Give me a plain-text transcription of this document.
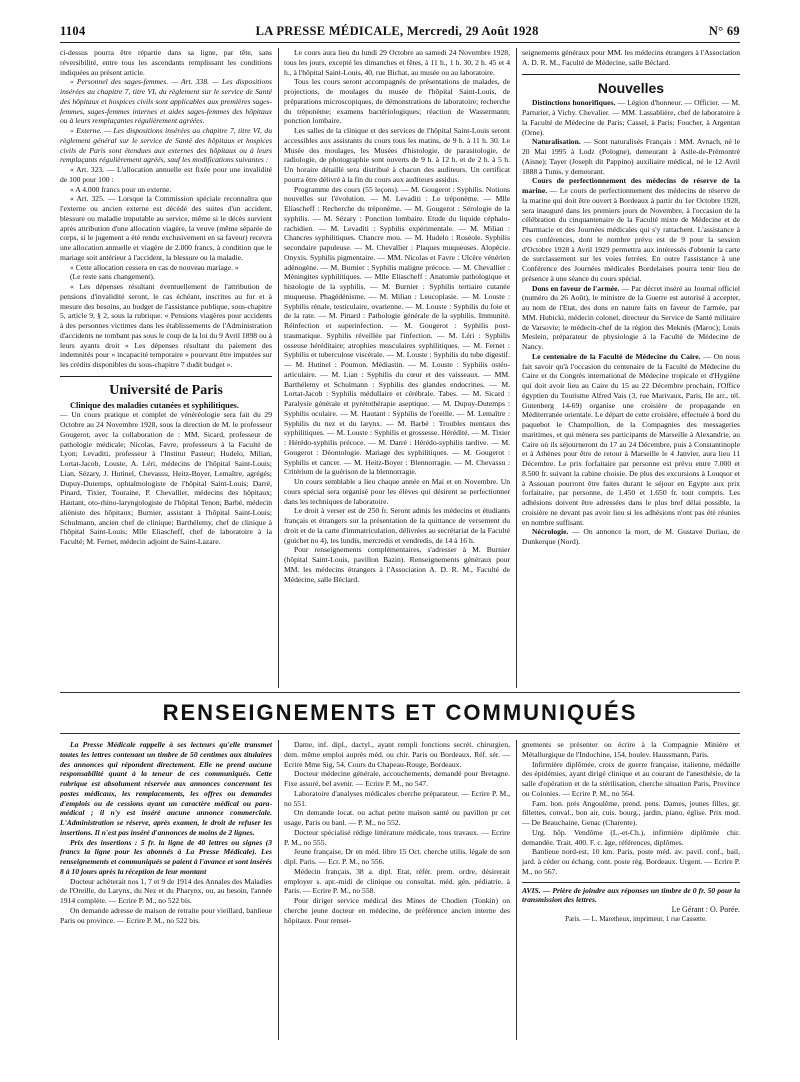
1104	LA PRESSE MÉDICALE, Mercredi, 29 Août 1928	N° 69

ci-dessus pourra être répartie dans sa ligne, par tête, sans réversibilité, entre tous les ascendants remplissant les conditions indiquées au présent article.

« Personnel des sages-femmes. — Art. 338. — Les dispositions insérées au chapitre 7, titre VI, du règlement sur le service de Santé des hôpitaux et hospices civils sont applicables aux premières sages-femmes, sages-femmes internes et aides sages-femmes des hôpitaux ou à leurs remplaçantes régulièrement agréées.

« Externe. — Les dispositions insérées au chapitre 7, titre VI, du règlement général sur le service de Santé des hôpitaux et hospices civils de Paris sont étendues aux externes des hôpitaux ou à leurs remplaçants régulièrement agréés, sauf les modifications suivantes :

« Art. 323. — L'allocation annuelle est fixée pour une invalidité de 100 pour 100 :

« A 4.000 francs pour un externe.

« Art. 325. — Lorsque la Commission spéciale reconnaîtra que l'externe ou ancien externe est décédé des suites d'un accident, blessure ou maladie imputable au service, même si le décès survient après attribution d'une allocation viagère, la veuve (même séparée de corps, si le jugement a été rendu exclusivement en sa faveur) recevra une allocation annuelle et viagère de 2.000 francs, à condition que le mariage soit antérieur à l'accident, la blessure ou la maladie.

« Cette allocation cessera en cas de nouveau mariage. »

(Le reste sans changement).

« Les dépenses résultant éventuellement de l'attribution de pensions d'invalidité seront, le cas échéant, inscrites au fur et à mesure des besoins, au budget de l'assistance publique, sous-chapitre 5, article 9, § 2, sous la rubrique. « Pensions viagères pour accidents à des personnes victimes dans les établissements de l'Administration d'accidents ne tombant pas sous le coup de la loi du 9 Avril 1898 ou à leurs ayants droit » Les dépenses résultant du paiement des indemnités pour « incapacité temporaire » pourvant être imputées sur les crédits disponibles du sous-chapitre 7 dudit budget ».

Université de Paris

Clinique des maladies cutanées et syphilitiques.

— Un cours pratique et complet de vénéréologie sera fait du 29 Octobre au 24 Novembre 1928, sous la direction de M. le professeur Gougerot, avec la collaboration de : MM. Sicard, professeur de pathologie médicale; Nicolas, Favre, professeurs à la Faculté de Lyon; Levaditi, professeur à l'Institut Pasteur; Hudelo, Milian, Lortat-Jacob, Louste, A. Léri, médecins de l'hôpital Saint-Louis; Lian, Sézary, J. Hutinel, Chevassu, Heitz-Boyer, Lemaître, agrégés; Dupuy-Dutemps, ophtalmologiste de l'hôpital Saint-Louis; Darré, Pinard, Tixier, Touraine, P. Chevallier, médecins des hôpitaux; Hautant, oto-rhino-laryngologiste de l'hôpital Tenon; Barbé, médecin aliéniste des hôpitaux; Burnier, assistant à l'hôpital Saint-Louis; Schulmann, ancien chef de clinique; Barthélemy, chef de clinique à l'hôpital Saint-Louis; Mlle Eliascheff, chef de laboratoire à la Faculté; M. Fernet, médecin adjoint de Saint-Lazare.

Le cours aura lieu du lundi 29 Octobre au samedi 24 Novembre 1928, tous les jours, excepté les dimanches et fêtes, à 11 h., 1 h. 30, 2 h. 45 et 4 h., à l'hôpital Saint-Louis, 40, rue Bichat, au musée ou au laboratoire.

Tous les cours seront accompagnés de présentations de malades, de projections, de moulages du musée de l'hôpital Saint-Louis, de préparations microscopiques, de démonstrations de laboratoire; recherche du tréponème; examens bactériologiques; réaction de Wassermann; ponction lombaire.

Les salles de la clinique et des services de l'hôpital Saint-Louis seront accessibles aux assistants du cours tous les matins, de 9 h. à 11 h. 30. Le Musée des moulages, les Musées d'histologie, de parasitologie, de radiologie, de photographie sont ouverts de 9 h. à 12 h. et de 2 h. à 5 h. Un horaire détaillé sera distribué à chacun des auditeurs. Un certificat pourra être délivré à la fin du cours aux auditeurs assidus.

Programme des cours (55 leçons). — M. Gougerot : Syphilis. Notions nouvelles sur l'évolution. — M. Levaditi : Le tréponème. — Mlle Eliascheff : Recherche du tréponème. — M. Gougerot : Sérologie de la syphilis. — M. Sézary : Ponction lombaire. Etude du liquide céphalo-rachidien. — M. Levaditi : Syphilis expérimentale. — M. Milian : Chancres syphilitiques. Chancre mou. — M. Hudelo : Roséole. Syphilis secondaire papuleuse. — M. Chevallier : Plaques muqueuses. Alopécie. Onyxis. Syphilis pigmentaire. — MM. Nicolas et Favre : Ulcère vénérien adénogène. — M. Burnier : Syphilis maligne précoce. — M. Chevallier : Méningites syphilitiques. — Mlle Eliascheff : Anatomie pathologique et histologie de la syphilis. — M. Burnier : Syphilis tertiaire cutanée muqueuse. Phagédénisme. — M. Milian : Leucoplasie. — M. Louste : Syphilis rénale, testiculaire, ovarienne. — M. Louste : Syphilis du foie et de la rate. — M. Pinard : Pathologie générale de la syphilis. Immunité. Réinfection et superinfection. — M. Gougerot : Syphilis post-traumatique. Syphilis réveillée par l'infection. — M. Léri : Syphilis osseuse héréditaire; atrophies musculaires syphilitiques. — M. Fernet : Syphilis et tuberculose viscérale. — M. Louste : Syphilis du tube digestif. — M. Hutinel : Poumon. Médiastin. — M. Louste : Syphilis ostéo-articulaire. — M. Lian : Syphilis du cœur et des vaisseaux. — MM. Barthélemy et Schulmann : Syphilis des glandes endocrines. — M. Lortat-Jacob : Syphilis médullaire et cérébrale. Tabes. — M. Sicard : Paralysie générale et pyrétothérapie aseptique. — M. Dupuy-Dutemps : Syphilis oculaire. — M. Hautant : Syphilis de l'oreille. — M. Lemaître : Syphilis du nez et du larynx. — M. Barbé : Troubles mentaux des syphilitiques. — M. Louste : Syphilis et grossesse. Hérédité. — M. Tixier : Hérédo-syphilis précoce. — M. Darré : Hérédo-syphilis tardive. — M. Gougerot : Déontologie. Mariage des syphilitiques. — M. Gougerot : Syphilis et cancer. — M. Heitz-Boyer : Blennorragie. — M. Chevassu : Critérium de la guérison de la blennorragie.

Un cours semblable a lieu chaque année en Mai et en Novembre. Un cours spécial sera organisé pour les élèves qui désirent se perfectionner dans les techniques de laboratoire.

Le droit à verser est de 250 fr. Seront admis les médecins et étudiants français et étrangers sur la présentation de la quittance de versement du droit et de la carte d'immatriculation, délivrées au secrétariat de la Faculté (guichet no 4), les lundis, mercredis et vendredis, de 14 à 16 h.

Pour renseignements complémentaires, s'adresser à M. Burnier (hôpital Saint-Louis, pavillon Bazin). Renseignements généraux pour MM. les médecins étrangers à l'Association A. D. R. M., Faculté de Médecine, salle Béclard.

seignements généraux pour MM. les médecins étrangers à l'Association A. D. R. M., Faculté de Médecine, salle Béclard.

Nouvelles

Distinctions honorifiques. — Légion d'honneur. — Officier. — M. Parturier, à Vichy. Chevalier. — MM. Lassablière, chef de laboratoire à la Faculté de Médecine de Paris; Cassel, à Paris; Foucher, à Argentan (Orne).

Naturalisation. — Sont naturalisés Français : MM. Avnach, né le 20 Mai 1995 à Lodz (Pologne), demeurant à Asile-de-Prémontré (Aisne); Tayer (Joseph dit Pappino) auxiliaire médical, né le 12 Avril 1888 à Tunis, y demeurant.

Cours de perfectionnement des médecins de réserve de la marine. — Le cours de perfectionnement des médecins de réserve de la marine qui doit être ouvert à Bordeaux à partir du 1er Octobre 1928, sera inauguré dans les premiers jours de Novembre, à l'occasion de la célébration du cinquantenaire de la Faculté mixte de Médecine et de Pharmacie et des Journées médicales qui s'y rattachent. L'assistance à ces conférences, dont le nombre prévu est de 9 pour la session d'Octobre 1928 à Avril 1929 permettra aux intéressés d'obtenir la carte de surclassement sur les voies ferrées. En outre l'assistance à une Conférence des Journées médicales Bordelaises pourra tenir lieu de présence à une séance du cours spécial.

Dons en faveur de l'armée. — Par décret inséré au Journal officiel (numéro du 26 Août), le ministre de la Guerre est autorisé à accepter, au nom de l'Etat, des dons en nature faits en faveur de l'armée, par MM. Hubicki, médecin colonel, directeur du Service de Santé militaire de Varsovie; le médecin-chef de la région des Meknès (Maroc); Louis Meslein, préparateur de physiologie à la Faculté de Médecine de Nancy.

Le centenaire de la Faculté de Médecine du Caire. — On nous fait savoir qu'à l'occasion du centenaire de la Faculté de Médecine du Caire et du Congrès international de Médecine tropicale et d'Hygiène qui doit avoir lieu au Caire du 15 au 22 Décembre prochain, l'Office égyptien du Tourisme Alfred Vais (3, rue Marivaux, Paris, IIe arr., tél. Gutenberg 14-69) organise une croisière de propagande en Méditerranée orientale. Le départ de cette croisière, effectuée à bord du paquebot le Champollion, de la Compagnies des messageries maritimes, et qui mènera ses participants de Marseille à Alexandrie, au Caire où ils séjourneront du 17 au 24 Décembre, puis à Constantinople et à Athènes pour être de retour à Marseille le 4 Janvier, aura lieu 11 Décembre. Le prix forfaitaire par personne est prévu entre 7.000 et 8.500 fr. suivant la cabine choisie. De plus des excursions à Louqsor et à Assouan pourront être faites durant le séjour en Egypte aux prix forfaitaire, par personne, de 1.450 et 1.650 fr. tout compris. Les adhésions doivent être adressées dans le plus bref délai possible, la croisière ne devant pas avoir lieu si les adhésions n'ont pas été réunies en nombre suffisant.

Nécrologie. — On annonce la mort, de M. Gustave Duriau, de Dunkerque (Nord).

RENSEIGNEMENTS ET COMMUNIQUÉS

La Presse Médicale rappelle à ses lecteurs qu'elle transmet toutes les lettres contenant un timbre de 50 centimes aux titulaires des annonces qui répondent directement. Elle ne prend aucune responsabilité quant à la teneur de ces communiqués. Cette rubrique est absolument réservée aux annonces concernant les postes médicaux, les remplacements, les offres ou demandes d'emplois ou de cessions ayant un caractère médical ou para-médical ; il n'y est inséré aucune annonce commerciale. L'Administration se réserve, après examen, le droit de refuser les insertions. Il n'est pas inséré d'annonces de moins de 2 lignes.

Prix des insertions : 5 fr. la ligne de 40 lettres ou signes (3 francs la ligne pour les abonnés à La Presse Médicale). Les renseignements et communiqués se paient à l'avance et sont insérés 8 à 10 jours après la réception de leur montant

Docteur achèterait nos 1, 7 et 9 de 1914 des Annales des Maladies de l'Oreille, du Larynx, du Nez et du Pharynx, ou, au besoin, l'année 1914 complète. — Ecrire P. M., no 522 bis.

On demande adresse de maison de retraite pour vieillard, banlieue Paris ou province. — Ecrire P. M., no 522 bis.

Dame, inf. dipl., dactyl., ayant rempli fonctions secrét. chirurgien, dem. même emploi auprès méd. ou chir. Paris ou Bordeaux. Réf. sér. — Ecrire Mme Sig, 54, Cours du Chapeau-Rouge, Bordeaux.

Docteur médecine générale, accouchements, demandé pour Bretagne. Fixe assuré, bel avenir. — Ecrire P. M., no 547.

Laboratoire d'analyses médicales cherche préparateur. — Ecrire P. M., no 551.

On demande locat. ou achat petite maison santé ou pavillon pr cet usage, Paris ou banl. — P. M., no 552.

Docteur spécialisé rédige littérature médicale, tous travaux. — Ecrire P. M., no 555.

Jeune française, Dr en méd. libre 15 Oct. cherche utilis. légale de son dipl. Paris. — Ecr. P. M., no 556.

Médecin français, 38 a. dipl. Etat, référ. prem. ordre, désirerait employer s. apr.-midi de clinique ou consultat. méd. gén. pédiatrie, à Paris. — Ecrire P. M., no 558.

Pour diriger service médical des Mines de Chodien (Tonkin) on cherche jeune docteur en médecine, de préférence ancien interne des hôpitaux. Pour rensei-

gnements se présenter ou écrire à la Compagnie Minière et Métallurgique de l'Indochine, 154, boulev. Haussmann, Paris.

Infirmière diplômée, croix de guerre française, italienne, médaille des épidémies, ayant dirigé clinique et au courant de l'anesthésie, de la salle d'opération et de la stérilisation, cherche situation Paris, Province ou Colonies. — Ecrire P. M., no 564.

Fam. hon. prés Angoulême, prend. pens. Dames, jeunes filles, gr. fillettes, conval., bon air, cuis. bourg., jardin, piano, église. Prix mod. — De Beauchaine, Genac (Charente).

Urg. hôp. Vendôme (L.-et-Ch.), infirmière diplômée chir. demandée. Trait. 400. F. c. âge, références, diplômes.

Banlieue nord-est, 10 km. Paris, poste méd. av. pavil. conf., bail, jard. à céder ou échang. cont. poste rég. Bordeaux. Urgent. — Ecrire P. M., no 567.

AVIS. — Prière de joindre aux réponses un timbre de 0 fr. 50 pour la transmission des lettres.

Le Gérant : O. Porée.

Paris. — L. Maretheux, imprimeur, 1 rue Cassette.
